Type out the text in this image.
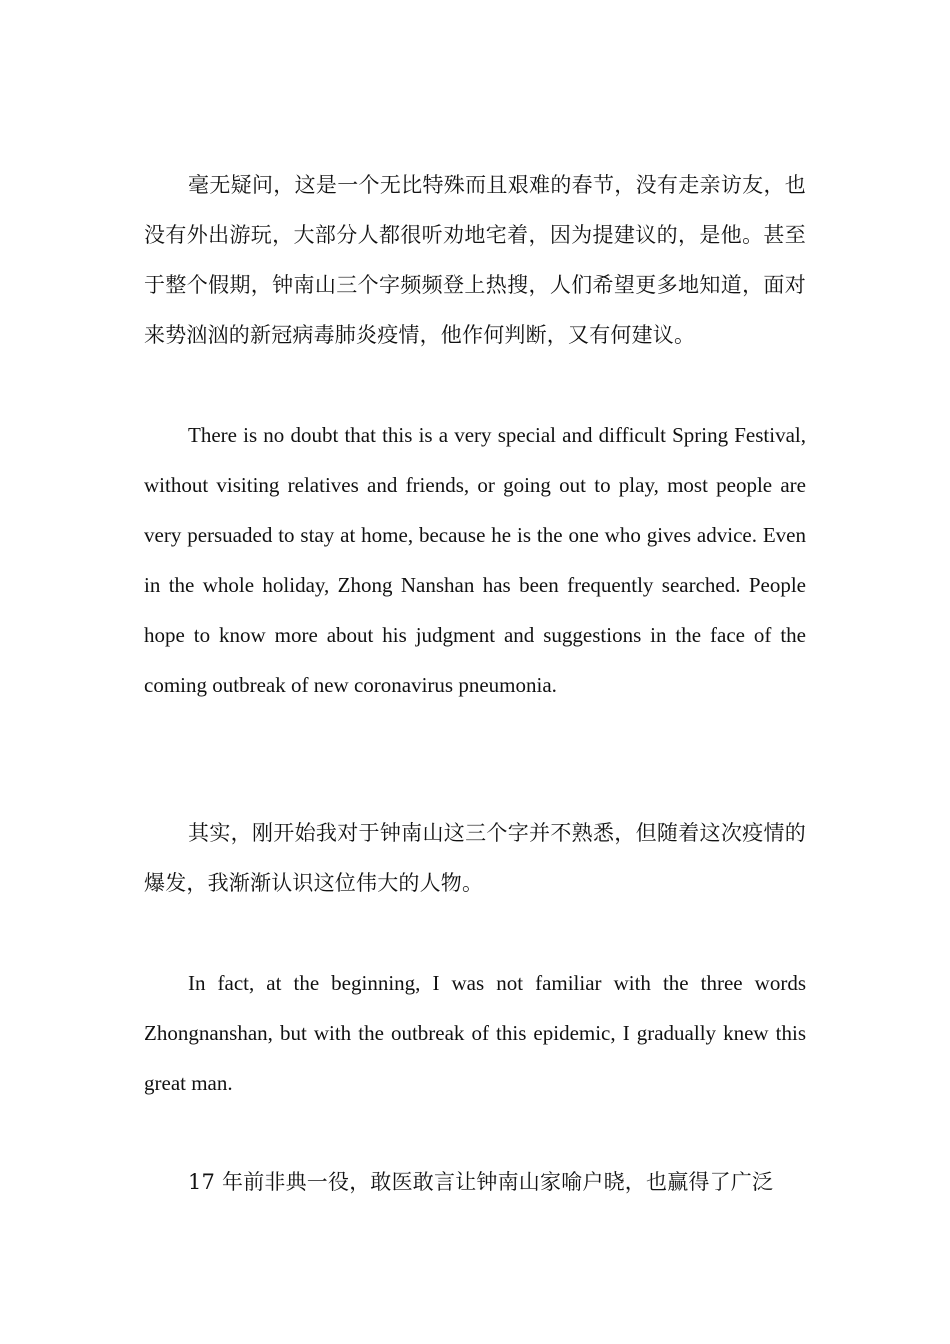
毫无疑问，这是一个无比特殊而且艰难的春节，没有走亲访友，也没有外出游玩，大部分人都很听劝地宅着，因为提建议的，是他。甚至于整个假期，钟南山三个字频频登上热搜，人们希望更多地知道，面对来势汹汹的新冠病毒肺炎疫情，他作何判断，又有何建议。

There is no doubt that this is a very special and difficult Spring Festival, without visiting relatives and friends, or going out to play, most people are very persuaded to stay at home, because he is the one who gives advice. Even in the whole holiday, Zhong Nanshan has been frequently searched. People hope to know more about his judgment and suggestions in the face of the coming outbreak of new coronavirus pneumonia.

其实，刚开始我对于钟南山这三个字并不熟悉，但随着这次疫情的爆发，我渐渐认识这位伟大的人物。

In fact, at the beginning, I was not familiar with the three words Zhongnanshan, but with the outbreak of this epidemic, I gradually knew this great man.

17 年前非典一役，敢医敢言让钟南山家喻户晓，也赢得了广泛
